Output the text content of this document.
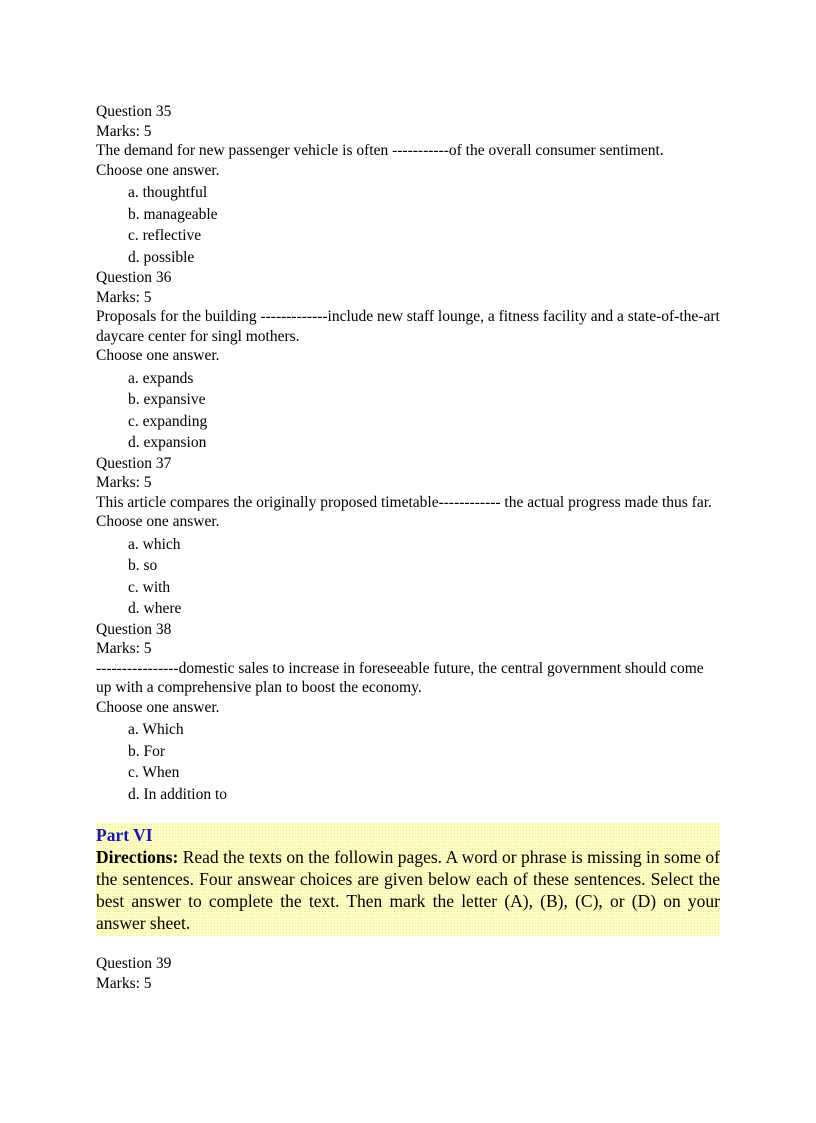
Question 35
Marks: 5
The demand for new passenger vehicle is often -----------of the overall consumer sentiment.
Choose one answer.
a. thoughtful
b. manageable
c. reflective
d. possible
Question 36
Marks: 5
Proposals for the building -------------include new staff lounge, a fitness facility and a state-of-the-art daycare center for singl mothers.
Choose one answer.
a. expands
b. expansive
c. expanding
d. expansion
Question 37
Marks: 5
This article compares the originally proposed timetable------------ the actual progress made thus far.
Choose one answer.
a. which
b. so
c. with
d. where
Question 38
Marks: 5
----------------domestic sales to increase in foreseeable future, the central government should come up with a comprehensive plan to boost the economy.
Choose one answer.
a. Which
b. For
c. When
d. In addition to
Part VI
Directions: Read the texts on the followin pages. A word or phrase is missing in some of the sentences. Four answear choices are given below each of these sentences. Select the best answer to complete the text. Then mark the letter (A), (B), (C), or (D) on your answer sheet.
Question 39
Marks: 5
